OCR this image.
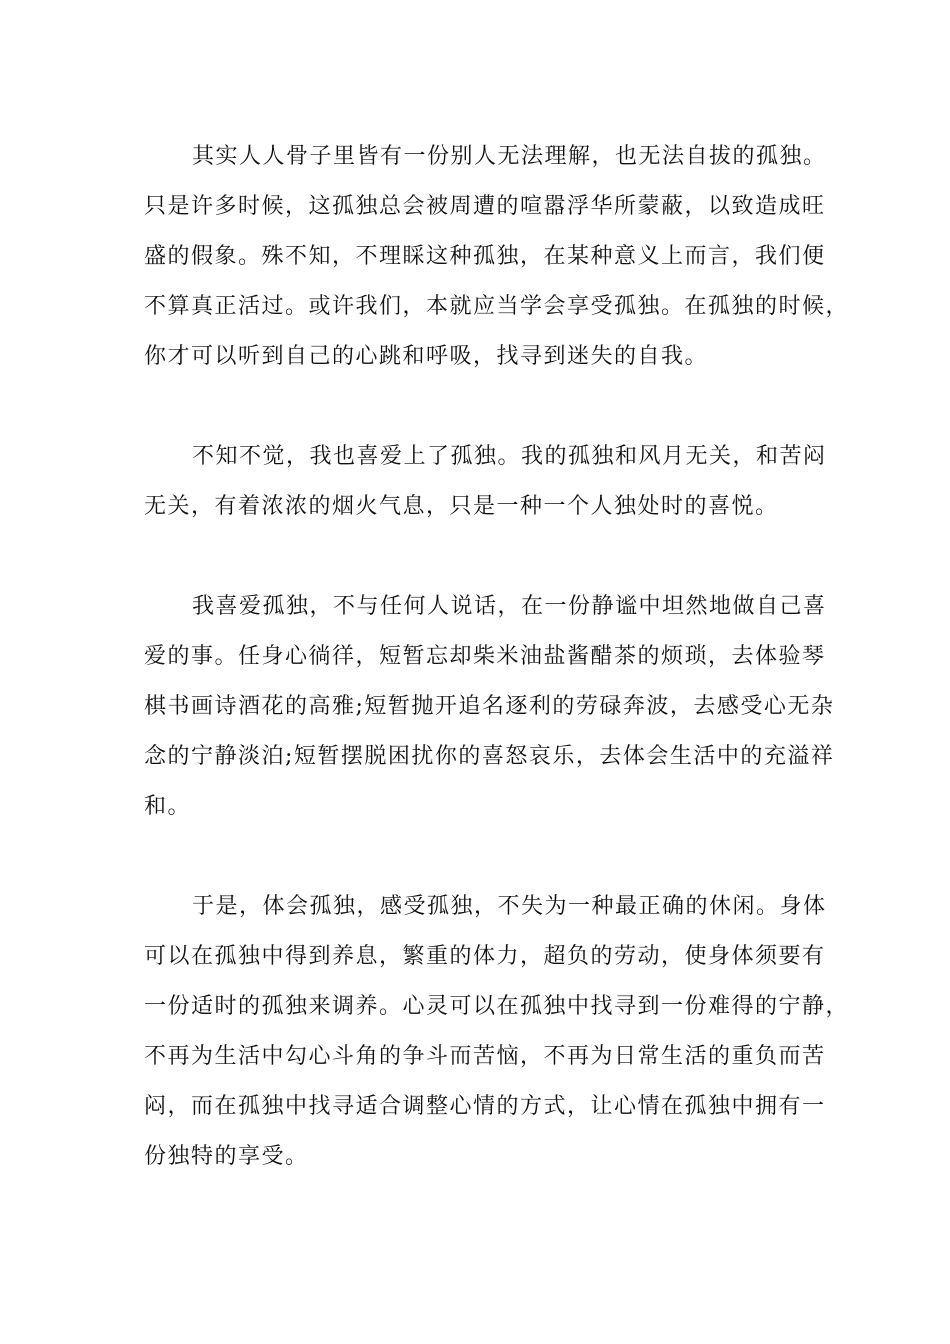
其实人人骨子里皆有一份别人无法理解，也无法自拔的孤独。
只是许多时候，这孤独总会被周遭的喧嚣浮华所蒙蔽，以致造成旺
盛的假象。殊不知，不理睬这种孤独，在某种意义上而言，我们便
不算真正活过。或许我们，本就应当学会享受孤独。在孤独的时候，
你才可以听到自己的心跳和呼吸，找寻到迷失的自我。
不知不觉，我也喜爱上了孤独。我的孤独和风月无关，和苦闷
无关，有着浓浓的烟火气息，只是一种一个人独处时的喜悦。
我喜爱孤独，不与任何人说话，在一份静谧中坦然地做自己喜
爱的事。任身心徜徉，短暂忘却柴米油盐酱醋茶的烦琐，去体验琴
棋书画诗酒花的高雅;短暂抛开追名逐利的劳碌奔波，去感受心无杂
念的宁静淡泊;短暂摆脱困扰你的喜怒哀乐，去体会生活中的充溢祥
和。
于是，体会孤独，感受孤独，不失为一种最正确的休闲。身体
可以在孤独中得到养息，繁重的体力，超负的劳动，使身体须要有
一份适时的孤独来调养。心灵可以在孤独中找寻到一份难得的宁静，
不再为生活中勾心斗角的争斗而苦恼，不再为日常生活的重负而苦
闷，而在孤独中找寻适合调整心情的方式，让心情在孤独中拥有一
份独特的享受。
